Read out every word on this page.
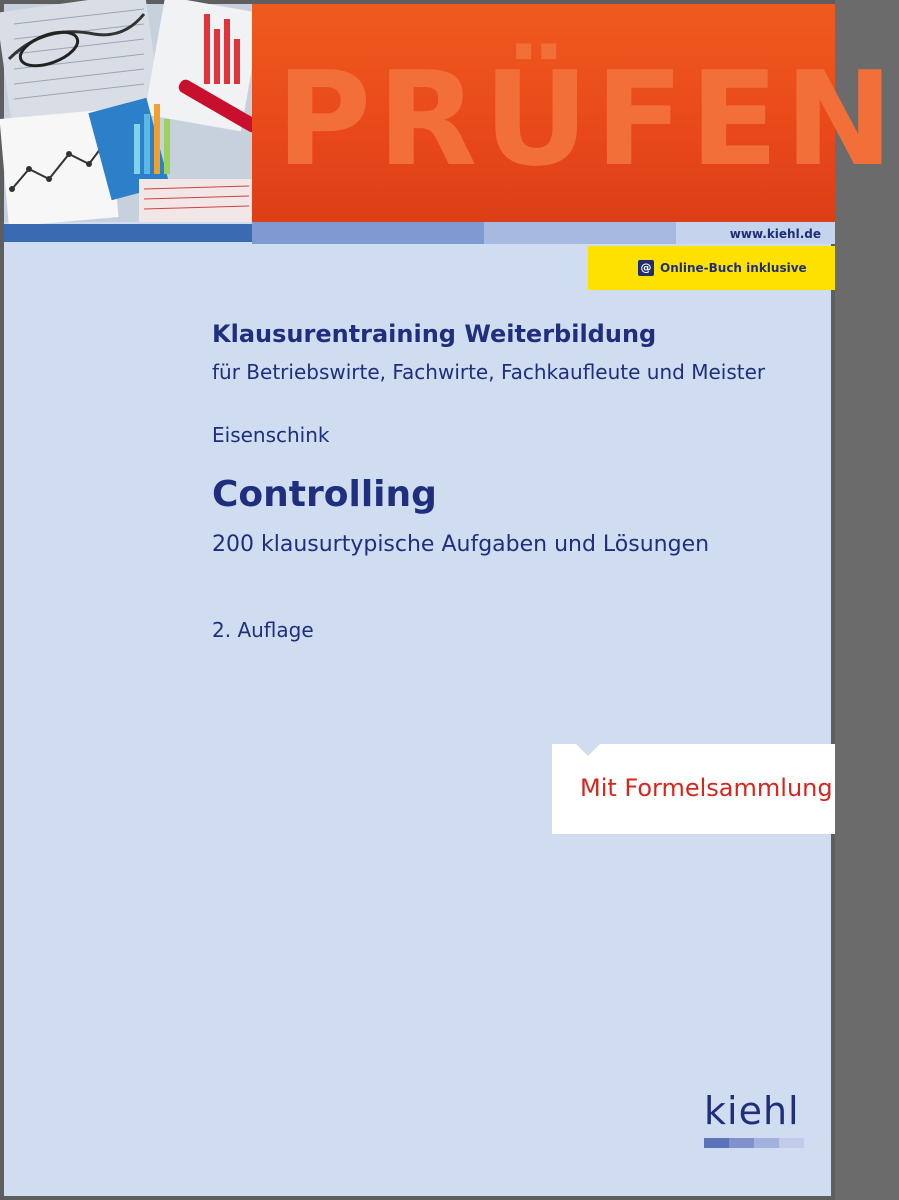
PRÜFEN
www.kiehl.de
@ Online-Buch inklusive
Klausurentraining Weiterbildung
für Betriebswirte, Fachwirte, Fachkaufleute und Meister
Eisenschink
Controlling
200 klausurtypische Aufgaben und Lösungen
2. Auflage
Mit Formelsammlung
kiehl
